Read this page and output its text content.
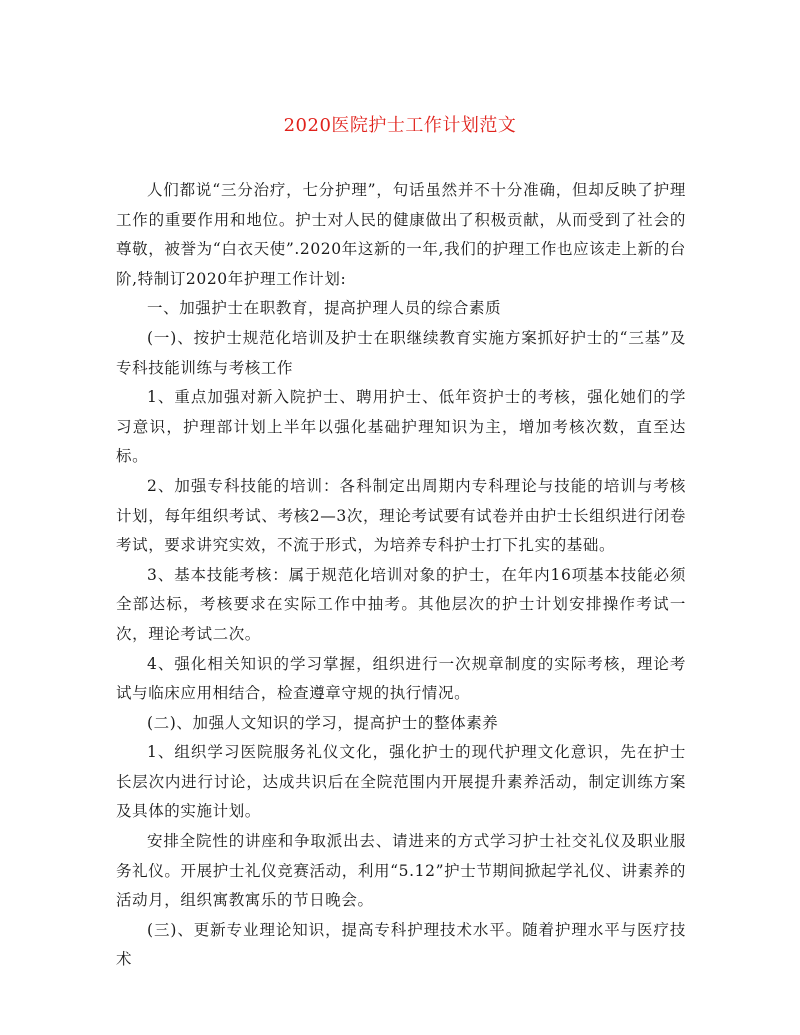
2020医院护士工作计划范文

人们都说“三分治疗，七分护理”，句话虽然并不十分准确，但却反映了护理工作的重要作用和地位。护士对人民的健康做出了积极贡献，从而受到了社会的尊敬，被誉为“白衣天使”.2020年这新的一年,我们的护理工作也应该走上新的台阶,特制订2020年护理工作计划:

一、加强护士在职教育，提高护理人员的综合素质

(一)、按护士规范化培训及护士在职继续教育实施方案抓好护士的“三基”及专科技能训练与考核工作

1、重点加强对新入院护士、聘用护士、低年资护士的考核，强化她们的学习意识，护理部计划上半年以强化基础护理知识为主，增加考核次数，直至达标。

2、加强专科技能的培训：各科制定出周期内专科理论与技能的培训与考核计划，每年组织考试、考核2—3次，理论考试要有试卷并由护士长组织进行闭卷考试，要求讲究实效，不流于形式，为培养专科护士打下扎实的基础。

3、基本技能考核：属于规范化培训对象的护士，在年内16项基本技能必须全部达标，考核要求在实际工作中抽考。其他层次的护士计划安排操作考试一次，理论考试二次。

4、强化相关知识的学习掌握，组织进行一次规章制度的实际考核，理论考试与临床应用相结合，检查遵章守规的执行情况。

(二)、加强人文知识的学习，提高护士的整体素养

1、组织学习医院服务礼仪文化，强化护士的现代护理文化意识，先在护士长层次内进行讨论，达成共识后在全院范围内开展提升素养活动，制定训练方案及具体的实施计划。

安排全院性的讲座和争取派出去、请进来的方式学习护士社交礼仪及职业服务礼仪。开展护士礼仪竞赛活动，利用“5.12”护士节期间掀起学礼仪、讲素养的活动月，组织寓教寓乐的节日晚会。

(三)、更新专业理论知识，提高专科护理技术水平。随着护理水平与医疗技术
